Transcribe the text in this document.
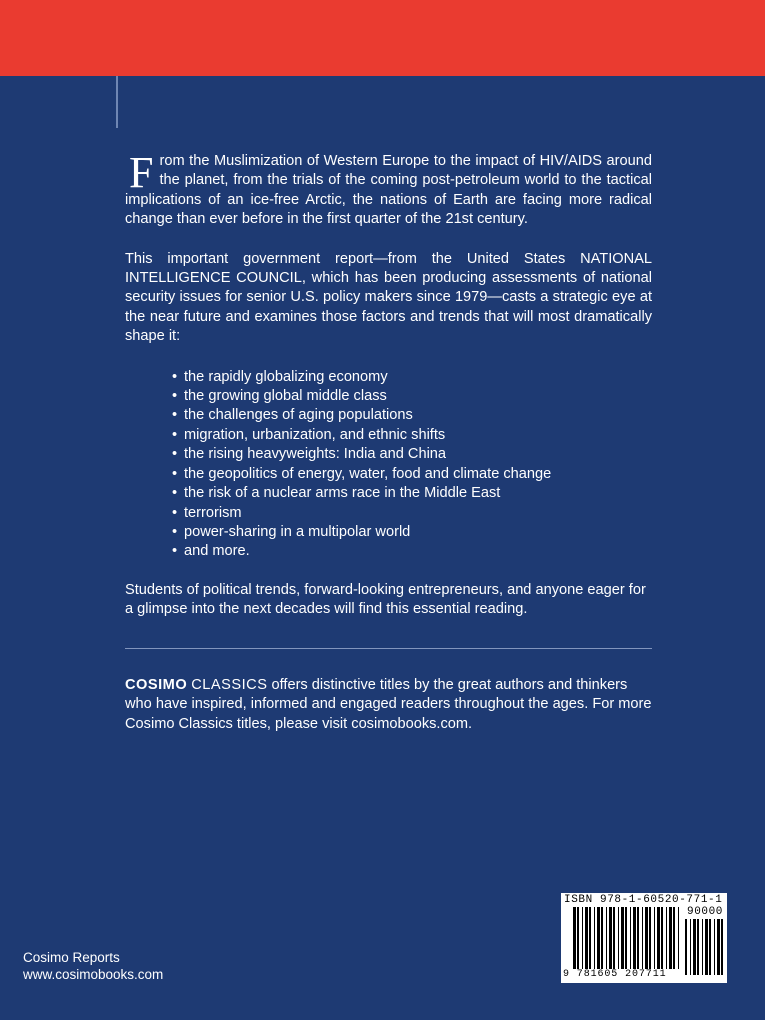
From the Muslimization of Western Europe to the impact of HIV/AIDS around the planet, from the trials of the coming post-petroleum world to the tactical implications of an ice-free Arctic, the nations of Earth are facing more radical change than ever before in the first quarter of the 21st century.

This important government report—from the United States NATIONAL INTELLIGENCE COUNCIL, which has been producing assessments of national security issues for senior U.S. policy makers since 1979—casts a strategic eye at the near future and examines those factors and trends that will most dramatically shape it:

• the rapidly globalizing economy
• the growing global middle class
• the challenges of aging populations
• migration, urbanization, and ethnic shifts
• the rising heavyweights: India and China
• the geopolitics of energy, water, food and climate change
• the risk of a nuclear arms race in the Middle East
• terrorism
• power-sharing in a multipolar world
• and more.

Students of political trends, forward-looking entrepreneurs, and anyone eager for a glimpse into the next decades will find this essential reading.

COSIMO CLASSICS offers distinctive titles by the great authors and thinkers who have inspired, informed and engaged readers throughout the ages. For more Cosimo Classics titles, please visit cosimobooks.com.

ISBN 978-1-60520-771-1
90000
9 781605 207711
Cosimo Reports
www.cosimobooks.com
